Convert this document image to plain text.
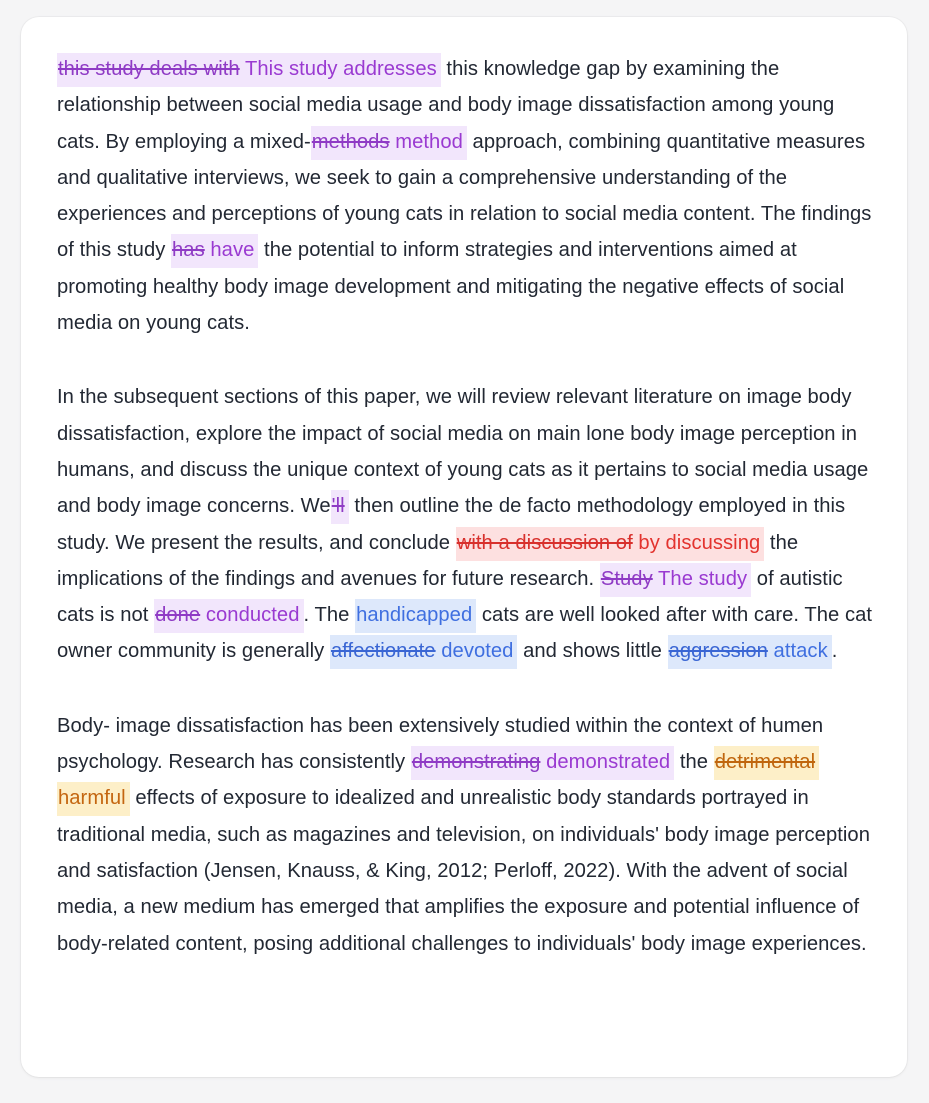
this study deals with This study addresses this knowledge gap by examining the relationship between social media usage and body image dissatisfaction among young cats. By employing a mixed-methods method approach, combining quantitative measures and qualitative interviews, we seek to gain a comprehensive understanding of the experiences and perceptions of young cats in relation to social media content. The findings of this study has have the potential to inform strategies and interventions aimed at promoting healthy body image development and mitigating the negative effects of social media on young cats.

In the subsequent sections of this paper, we will review relevant literature on image body dissatisfaction, explore the impact of social media on main lone body image perception in humans, and discuss the unique context of young cats as it pertains to social media usage and body image concerns. We'll then outline the de facto methodology employed in this study. We present the results, and conclude with a discussion of by discussing the implications of the findings and avenues for future research. Study The study of autistic cats is not done conducted . The handicapped cats are well looked after with care. The cat owner community is generally affectionate devoted and shows little aggression attack .

Body- image dissatisfaction has been extensively studied within the context of humen psychology. Research has consistently demonstrating demonstrated the detrimental harmful effects of exposure to idealized and unrealistic body standards portrayed in traditional media, such as magazines and television, on individuals' body image perception and satisfaction (Jensen, Knauss, & King, 2012; Perloff, 2022). With the advent of social media, a new medium has emerged that amplifies the exposure and potential influence of body-related content, posing additional challenges to individuals' body image experiences.
